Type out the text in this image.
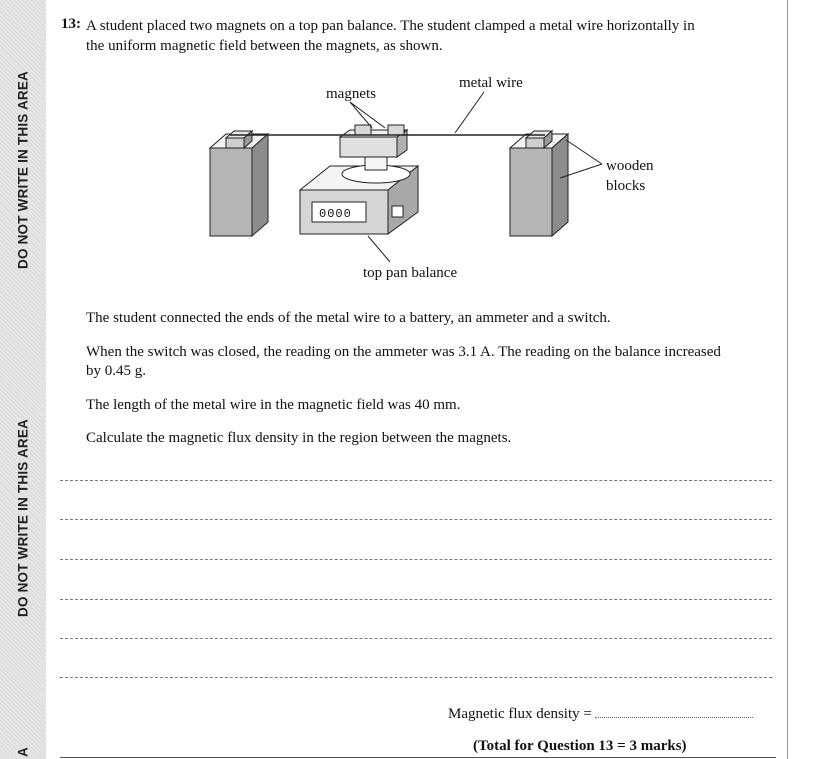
DO NOT WRITE IN THIS AREA
DO NOT WRITE IN THIS AREA
A
13: A student placed two magnets on a top pan balance. The student clamped a metal wire horizontally in the uniform magnetic field between the magnets, as shown.
magnets
metal wire
wooden
blocks
top pan balance
0000
The student connected the ends of the metal wire to a battery, an ammeter and a switch.
When the switch was closed, the reading on the ammeter was 3.1 A. The reading on the balance increased by 0.45 g.
The length of the metal wire in the magnetic field was 40 mm.
Calculate the magnetic flux density in the region between the magnets.
Magnetic flux density =
(Total for Question 13 = 3 marks)
